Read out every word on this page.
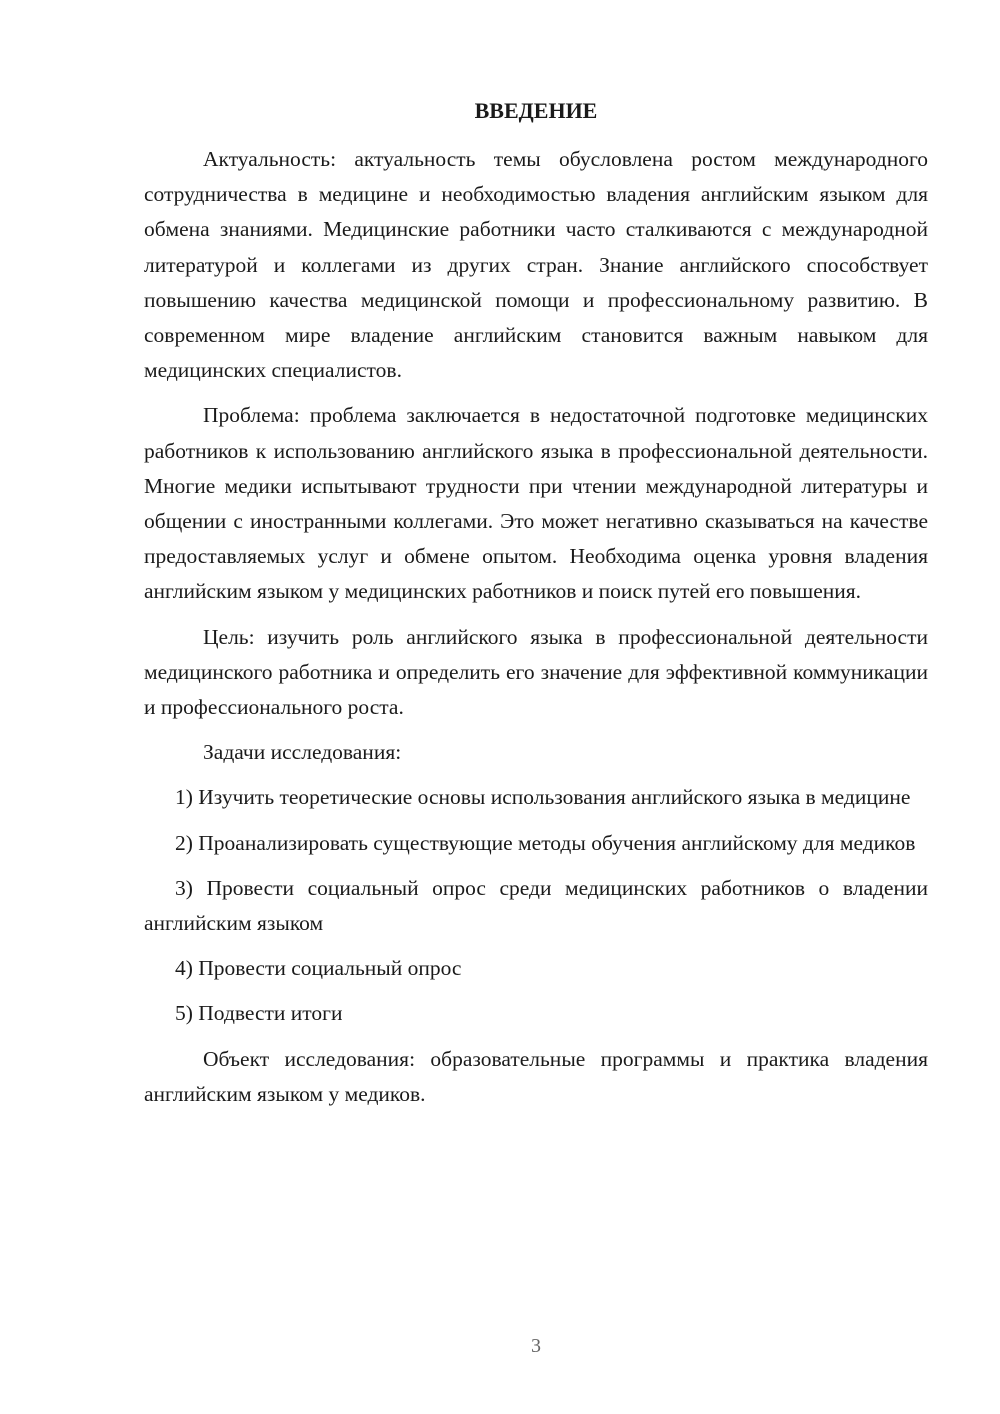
ВВЕДЕНИЕ

Актуальность: актуальность темы обусловлена ростом международного сотрудничества в медицине и необходимостью владения английским языком для обмена знаниями. Медицинские работники часто сталкиваются с международной литературой и коллегами из других стран. Знание английского способствует повышению качества медицинской помощи и профессиональному развитию. В современном мире владение английским становится важным навыком для медицинских специалистов.

Проблема: проблема заключается в недостаточной подготовке медицинских работников к использованию английского языка в профессиональной деятельности. Многие медики испытывают трудности при чтении международной литературы и общении с иностранными коллегами. Это может негативно сказываться на качестве предоставляемых услуг и обмене опытом. Необходима оценка уровня владения английским языком у медицинских работников и поиск путей его повышения.

Цель: изучить роль английского языка в профессиональной деятельности медицинского работника и определить его значение для эффективной коммуникации и профессионального роста.

Задачи исследования:

1) Изучить теоретические основы использования английского языка в медицине

2) Проанализировать существующие методы обучения английскому для медиков

3) Провести социальный опрос среди медицинских работников о владении английским языком

4) Провести социальный опрос

5) Подвести итоги

Объект исследования: образовательные программы и практика владения английским языком у медиков.

3
